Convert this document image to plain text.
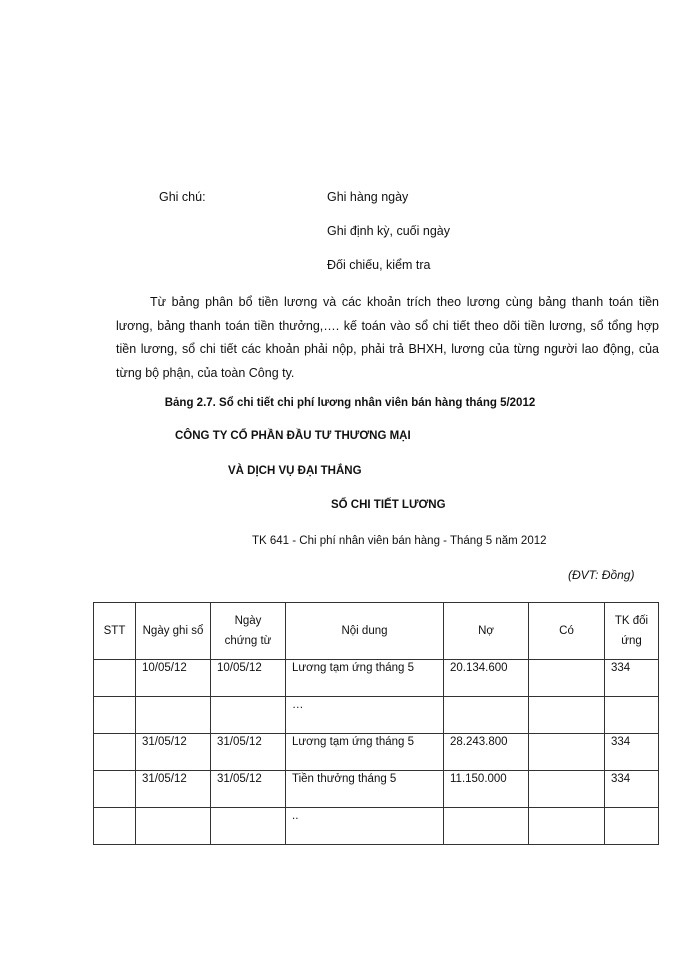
Ghi chú:	Ghi hàng ngày
Ghi định kỳ, cuối ngày
Đối chiếu, kiểm tra
Từ bảng phân bổ tiền lương và các khoản trích theo lương cùng bảng thanh toán tiền lương, bảng thanh toán tiền thưởng,…. kế toán vào sổ chi tiết theo dõi tiền lương, sổ tổng hợp tiền lương, sổ chi tiết các khoản phải nộp, phải trả BHXH, lương của từng người lao động, của từng bộ phận, của toàn Công ty.
Bảng 2.7. Sổ chi tiết chi phí lương nhân viên bán hàng tháng 5/2012
CÔNG TY CỔ PHẦN ĐẦU TƯ THƯƠNG MẠI
VÀ DỊCH VỤ ĐẠI THẮNG
SỔ CHI TIẾT LƯƠNG
TK 641 - Chi phí nhân viên bán hàng - Tháng 5 năm 2012
(ĐVT: Đồng)
STT	Ngày ghi sổ	Ngày chứng từ	Nội dung	Nợ	Có	TK đối ứng
	10/05/12	10/05/12	Lương tạm ứng tháng 5	20.134.600		334
			…			
	31/05/12	31/05/12	Lương tạm ứng tháng 5	28.243.800		334
	31/05/12	31/05/12	Tiền thưởng tháng 5	11.150.000		334
			..			
